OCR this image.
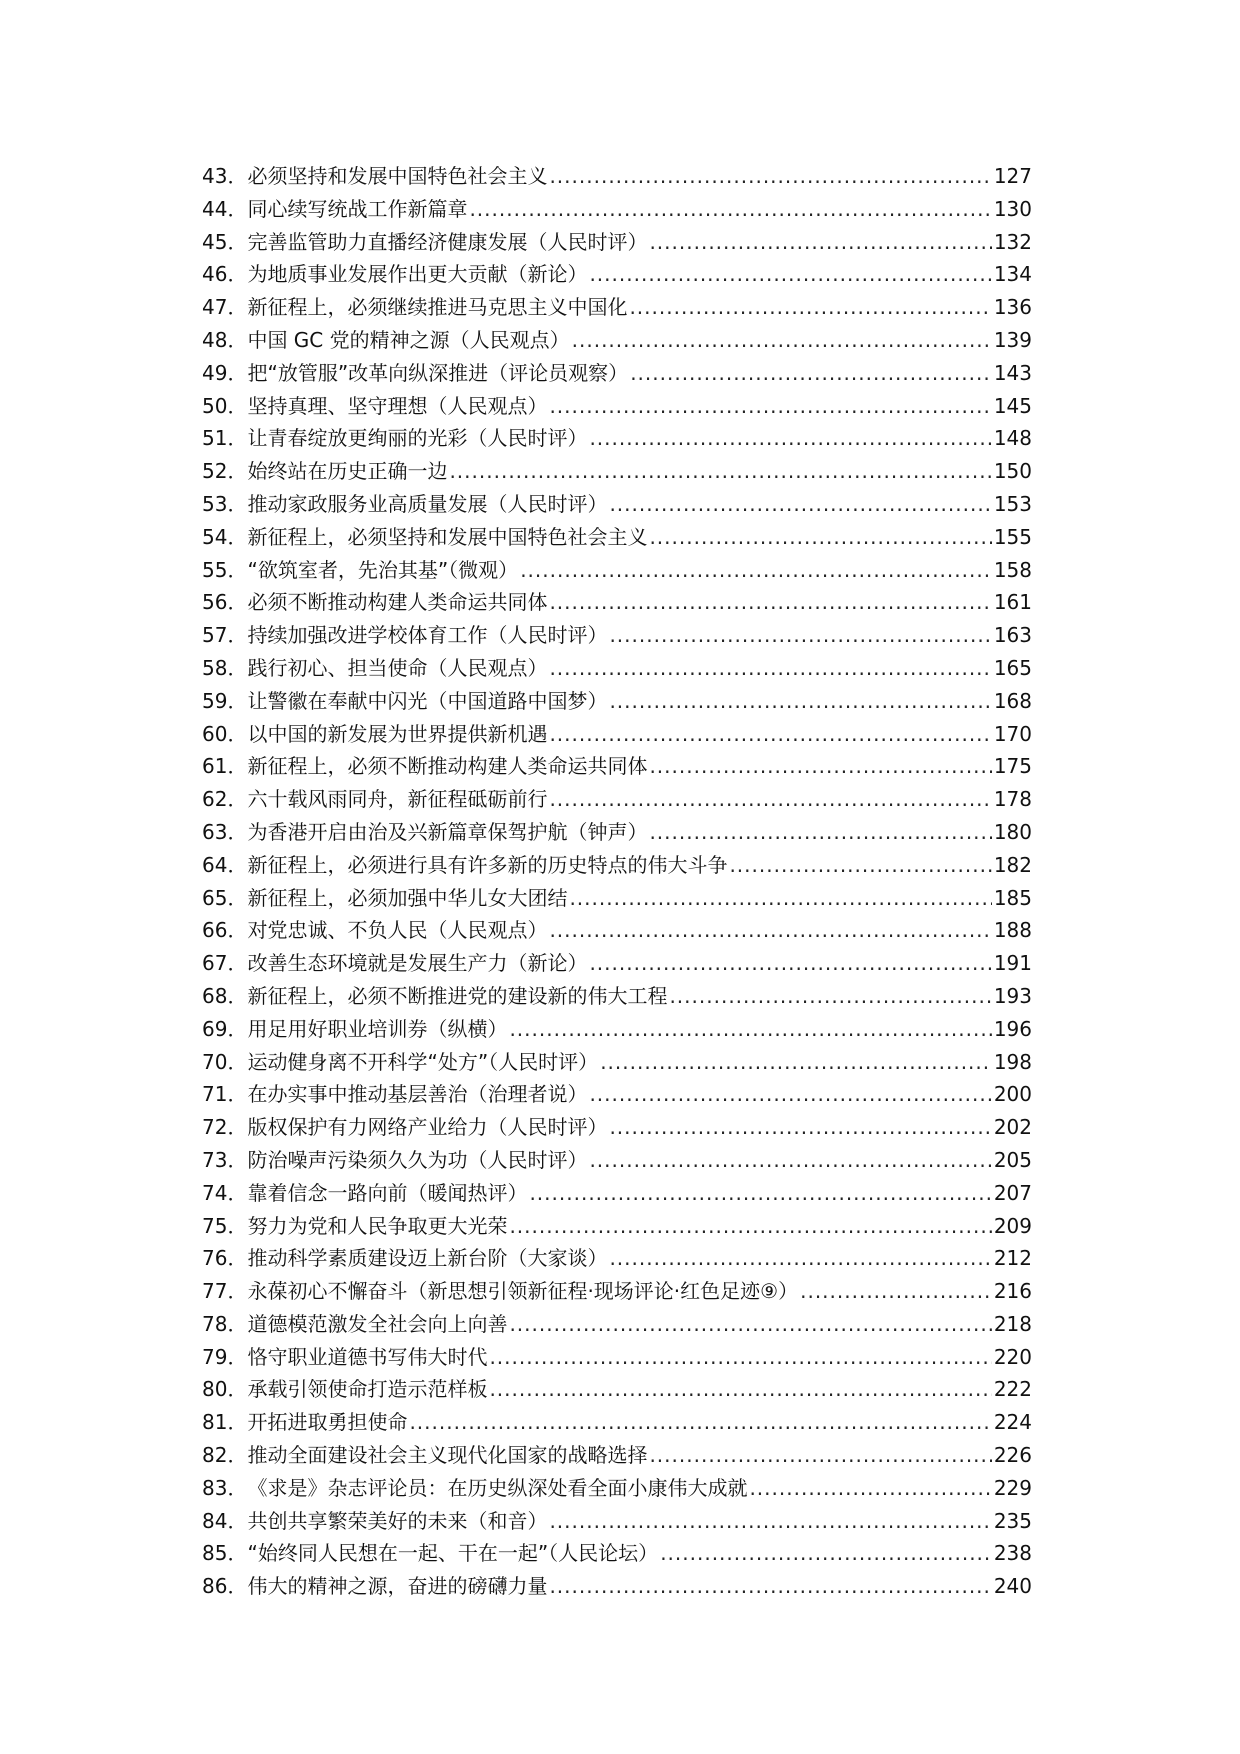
43． 必须坚持和发展中国特色社会主义 .....	127
44． 同心续写统战工作新篇章 .....	130
45． 完善监管助力直播经济健康发展（人民时评） .....	132
46． 为地质事业发展作出更大贡献（新论） .....	134
47． 新征程上，必须继续推进马克思主义中国化 .....	136
48． 中国 GC 党的精神之源（人民观点） .....	139
49． 把“放管服”改革向纵深推进（评论员观察） .....	143
50． 坚持真理、坚守理想（人民观点） .....	145
51． 让青春绽放更绚丽的光彩（人民时评） .....	148
52． 始终站在历史正确一边 .....	150
53． 推动家政服务业高质量发展（人民时评） .....	153
54． 新征程上，必须坚持和发展中国特色社会主义 .....	155
55． “欲筑室者，先治其基”（微观） .....	158
56． 必须不断推动构建人类命运共同体 .....	161
57． 持续加强改进学校体育工作（人民时评） .....	163
58． 践行初心、担当使命（人民观点） .....	165
59． 让警徽在奉献中闪光（中国道路中国梦） .....	168
60． 以中国的新发展为世界提供新机遇 .....	170
61． 新征程上，必须不断推动构建人类命运共同体 .....	175
62． 六十载风雨同舟，新征程砥砺前行 .....	178
63． 为香港开启由治及兴新篇章保驾护航（钟声） .....	180
64． 新征程上，必须进行具有许多新的历史特点的伟大斗争 .....	182
65． 新征程上，必须加强中华儿女大团结 .....	185
66． 对党忠诚、不负人民（人民观点） .....	188
67． 改善生态环境就是发展生产力（新论） .....	191
68． 新征程上，必须不断推进党的建设新的伟大工程 .....	193
69． 用足用好职业培训券（纵横） .....	196
70． 运动健身离不开科学“处方”（人民时评） .....	198
71． 在办实事中推动基层善治（治理者说） .....	200
72． 版权保护有力网络产业给力（人民时评） .....	202
73． 防治噪声污染须久久为功（人民时评） .....	205
74． 靠着信念一路向前（暖闻热评） .....	207
75． 努力为党和人民争取更大光荣 .....	209
76． 推动科学素质建设迈上新台阶（大家谈） .....	212
77． 永葆初心不懈奋斗（新思想引领新征程·现场评论·红色足迹⑨） .....	216
78． 道德模范激发全社会向上向善 .....	218
79． 恪守职业道德书写伟大时代 .....	220
80． 承载引领使命打造示范样板 .....	222
81． 开拓进取勇担使命 .....	224
82． 推动全面建设社会主义现代化国家的战略选择 .....	226
83． 《求是》杂志评论员：在历史纵深处看全面小康伟大成就 .....	229
84． 共创共享繁荣美好的未来（和音） .....	235
85． “始终同人民想在一起、干在一起”（人民论坛） .....	238
86． 伟大的精神之源，奋进的磅礴力量 .....	240
